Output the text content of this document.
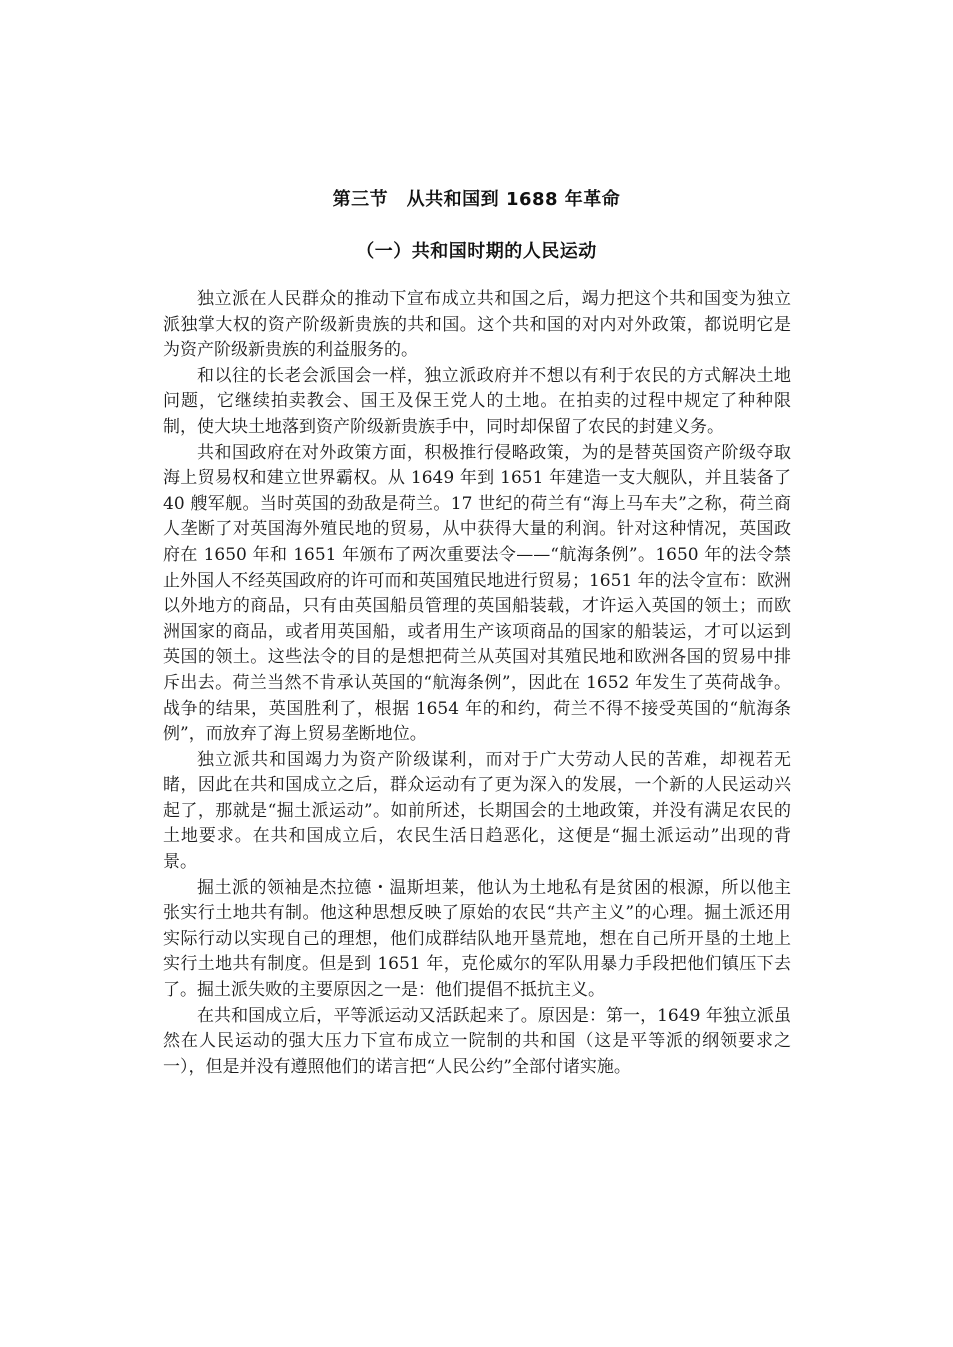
第三节　从共和国到 1688 年革命
（一）共和国时期的人民运动

独立派在人民群众的推动下宣布成立共和国之后，竭力把这个共和国变为独立派独掌大权的资产阶级新贵族的共和国。这个共和国的对内对外政策，都说明它是为资产阶级新贵族的利益服务的。

和以往的长老会派国会一样，独立派政府并不想以有利于农民的方式解决土地问题，它继续拍卖教会、国王及保王党人的土地。在拍卖的过程中规定了种种限制，使大块土地落到资产阶级新贵族手中，同时却保留了农民的封建义务。

共和国政府在对外政策方面，积极推行侵略政策，为的是替英国资产阶级夺取海上贸易权和建立世界霸权。从 1649 年到 1651 年建造一支大舰队，并且装备了 40 艘军舰。当时英国的劲敌是荷兰。17 世纪的荷兰有“海上马车夫”之称，荷兰商人垄断了对英国海外殖民地的贸易，从中获得大量的利润。针对这种情况，英国政府在 1650 年和 1651 年颁布了两次重要法令——“航海条例”。1650 年的法令禁止外国人不经英国政府的许可而和英国殖民地进行贸易；1651 年的法令宣布：欧洲以外地方的商品，只有由英国船员管理的英国船装载，才许运入英国的领土；而欧洲国家的商品，或者用英国船，或者用生产该项商品的国家的船装运，才可以运到英国的领土。这些法令的目的是想把荷兰从英国对其殖民地和欧洲各国的贸易中排斥出去。荷兰当然不肯承认英国的“航海条例”，因此在 1652 年发生了英荷战争。战争的结果，英国胜利了，根据 1654 年的和约，荷兰不得不接受英国的“航海条例”，而放弃了海上贸易垄断地位。

独立派共和国竭力为资产阶级谋利，而对于广大劳动人民的苦难，却视若无睹，因此在共和国成立之后，群众运动有了更为深入的发展，一个新的人民运动兴起了，那就是“掘土派运动”。如前所述，长期国会的土地政策，并没有满足农民的土地要求。在共和国成立后，农民生活日趋恶化，这便是“掘土派运动”出现的背景。

掘土派的领袖是杰拉德・温斯坦莱，他认为土地私有是贫困的根源，所以他主张实行土地共有制。他这种思想反映了原始的农民“共产主义”的心理。掘土派还用实际行动以实现自己的理想，他们成群结队地开垦荒地，想在自己所开垦的土地上实行土地共有制度。但是到 1651 年，克伦威尔的军队用暴力手段把他们镇压下去了。掘土派失败的主要原因之一是：他们提倡不抵抗主义。

在共和国成立后，平等派运动又活跃起来了。原因是：第一，1649 年独立派虽然在人民运动的强大压力下宣布成立一院制的共和国（这是平等派的纲领要求之一），但是并没有遵照他们的诺言把“人民公约”全部付诸实施。
